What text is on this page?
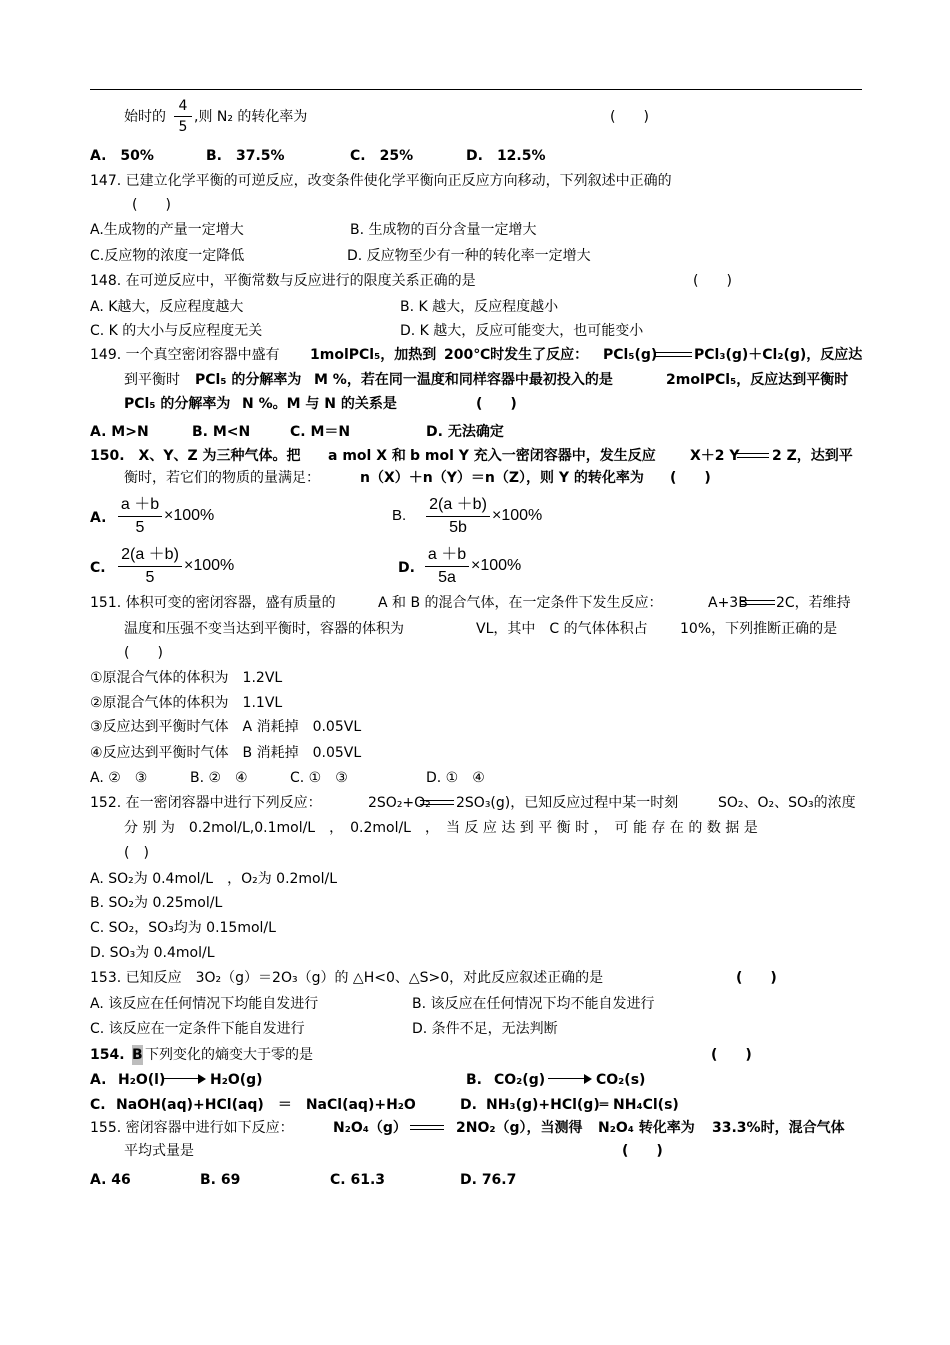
始时的 $\frac{4}{5}$ ,则 N₂ 的转化率为	(　　)
A.　50%	B.　37.5%	C.　25%	D.　12.5%
147. 已建立化学平衡的可逆反应，改变条件使化学平衡向正反应方向移动，下列叙述中正确的
(　　)
A.生成物的产量一定增大	B. 生成物的百分含量一定增大
C.反应物的浓度一定降低	D. 反应物至少有一种的转化率一定增大
148. 在可逆反应中，平衡常数与反应进行的限度关系正确的是	(　　)
A. K越大，反应程度越大	B. K 越大，反应程度越小
C. K 的大小与反应程度无关	D. K 越大，反应可能变大，也可能变小
149. 一个真空密闭容器中盛有 1molPCl₅，加热到 200℃时发生了反应： PCl₅(g)	PCl₃(g)＋Cl₂(g)，反应达
到平衡时 PCl₅ 的分解率为 M %，若在同一温度和同样容器中最初投入的是	2molPCl₅，反应达到平衡时
PCl₅ 的分解率为 N %。M 与 N 的关系是	(　　)
A. M>N	B. M<N	C. M＝N	D. 无法确定
150.　X、Y、Z 为三种气体。把 a mol X 和 b mol Y 充入一密闭容器中，发生反应 X＋2 Y 2 Z，达到平
衡时，若它们的物质的量满足：	n（X）＋n（Y）＝n（Z），则 Y 的转化率为 (　　)
A. $\frac{a +b}{5} \times 100\%$	B. $\frac{2(a +b)}{5b} \times 100\%$
C. $\frac{2(a +b)}{5} \times 100\%$	D. $\frac{a +b}{5a} \times 100\%$
151. 体积可变的密闭容器，盛有质量的	A 和 B 的混合气体，在一定条件下发生反应：	A+3B 2C，若维持
温度和压强不变当达到平衡时，容器的体积为	VL，其中　C 的气体体积占 10%，下列推断正确的是
(　　)
①原混合气体的体积为　1.2VL
②原混合气体的体积为　1.1VL
③反应达到平衡时气体　A 消耗掉　0.05VL
④反应达到平衡时气体　B 消耗掉　0.05VL
A. ②　③	B. ②　④	C. ①　③	D. ①　④
152. 在一密闭容器中进行下列反应：	2SO₂+O₂ 2SO₃(g)，已知反应过程中某一时刻	SO₂、O₂、SO₃的浓度
分 别 为　0.2mol/L,0.1mol/L　，　0.2mol/L　，　当 反 应 达 到 平 衡 时 ，　可 能 存 在 的 数 据 是
(　)
A. SO₂为 0.4mol/L　，O₂为 0.2mol/L
B. SO₂为 0.25mol/L
C. SO₂，SO₃均为 0.15mol/L
D. SO₃为 0.4mol/L
153. 已知反应　3O₂（g）＝2O₃（g）的 △H<0、△S>0，对此反应叙述正确的是	(　　)
A. 该反应在任何情况下均能自发进行	B. 该反应在任何情况下均不能自发进行
C. 该反应在一定条件下能自发进行	D. 条件不足，无法判断
154. B 下列变化的熵变大于零的是	(　　)
A. H₂O(l)	H₂O(g)	B. CO₂(g)	CO₂(s)
C. NaOH(aq)+HCl(aq)　＝　NaCl(aq)+H₂O	D. NH₃(g)+HCl(g)═ NH₄Cl(s)
155. 密闭容器中进行如下反应：	N₂O₄（g）	2NO₂（g），当测得 N₂O₄ 转化率为 33.3%时，混合气体
平均式量是	(　　)
A. 46	B. 69	C. 61.3	D. 76.7
